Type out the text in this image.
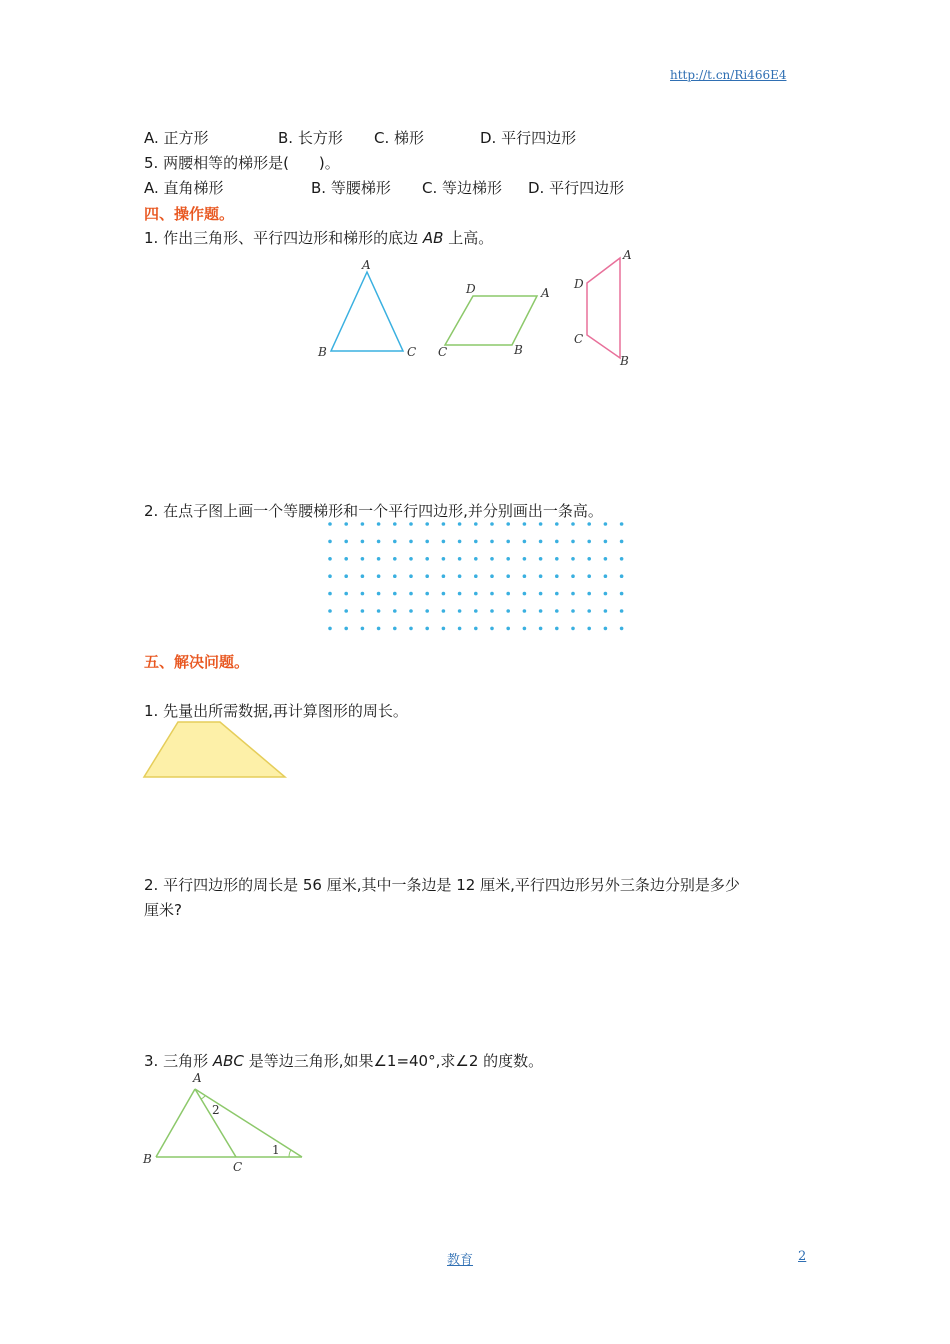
http://t.cn/Ri466E4
A. 正方形	B. 长方形 C. 梯形	D. 平行四边形
5. 两腰相等的梯形是(　　)。
A. 直角梯形	B. 等腰梯形 C. 等边梯形 D. 平行四边形
四、操作题。
1. 作出三角形、平行四边形和梯形的底边 AB 上高。
A
B	C
D	A
C	B
A
D
C
B
2. 在点子图上画一个等腰梯形和一个平行四边形,并分别画出一条高。
五、解决问题。
1. 先量出所需数据,再计算图形的周长。
2. 平行四边形的周长是 56 厘米,其中一条边是 12 厘米,平行四边形另外三条边分别是多少
厘米?
3. 三角形 ABC 是等边三角形,如果∠1=40°,求∠2 的度数。
A
B
C
1
2
教育	2
